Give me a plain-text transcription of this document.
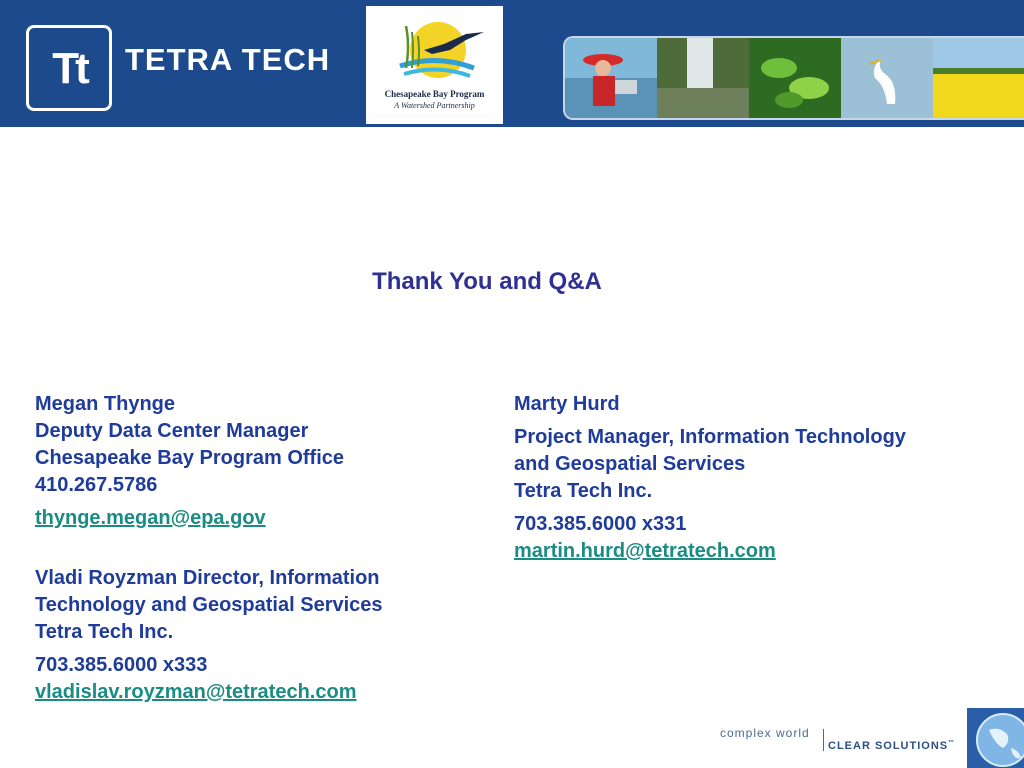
Tt	TETRA TECH
Chesapeake Bay Program
A Watershed Partnership
Thank You and Q&A
Megan Thynge
Deputy Data Center Manager
Chesapeake Bay Program Office
410.267.5786
thynge.megan@epa.gov
Vladi Royzman Director, Information
Technology and Geospatial Services
Tetra Tech Inc.
703.385.6000 x333
vladislav.royzman@tetratech.com
Marty Hurd
Project Manager, Information Technology
and Geospatial Services
Tetra Tech Inc.
703.385.6000 x331
martin.hurd@tetratech.com
complex world
CLEAR SOLUTIONS™
